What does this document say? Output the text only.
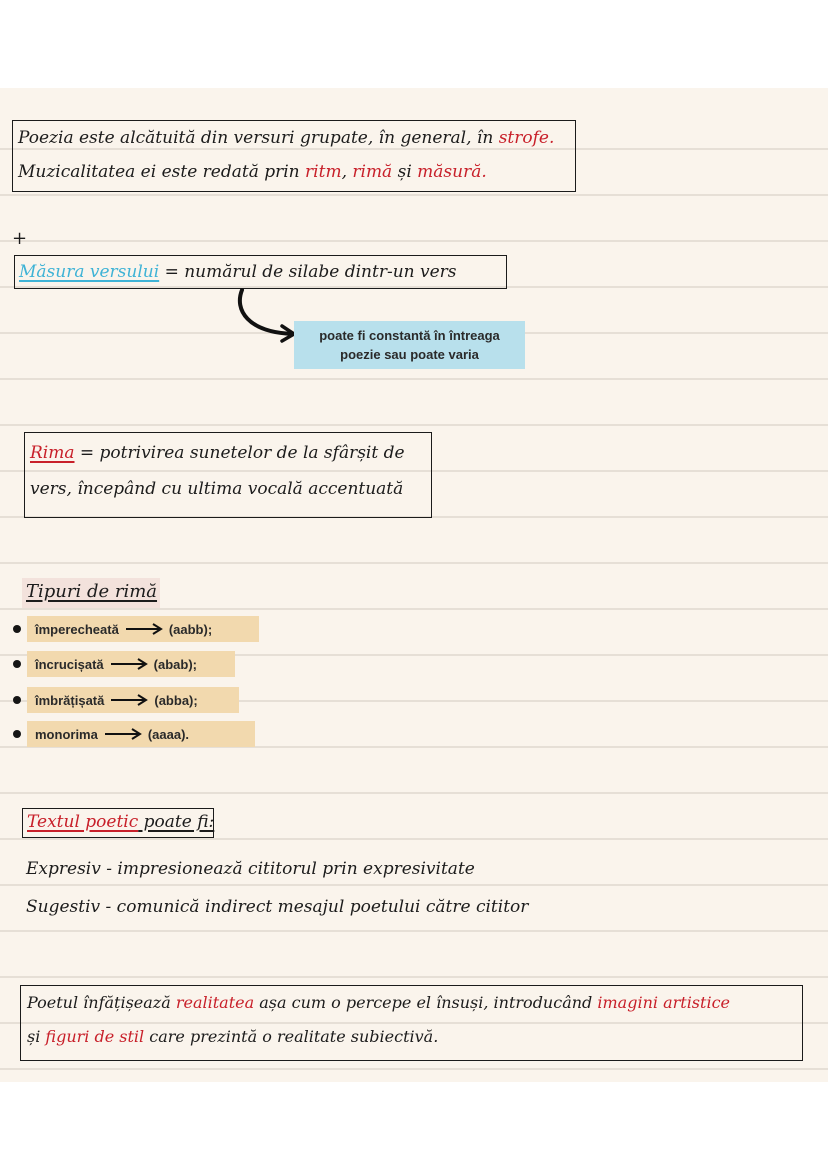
Poezia este alcătuită din versuri grupate, în general, în strofe.
Muzicalitatea ei este redată prin ritm, rimă și măsură.
+
Măsura versului = numărul de silabe dintr-un vers
poate fi constantă în întreaga
poezie sau poate varia
Rima = potrivirea sunetelor de la sfârșit de
vers, începând cu ultima vocală accentuată
Tipuri de rimă
împerecheată	(aabb);
încrucișată	(abab);
îmbrățișată	(abba);
monorima	(aaaa).
Textul poetic poate fi:
Expresiv - impresionează cititorul prin expresivitate
Sugestiv - comunică indirect mesajul poetului către cititor
Poetul înfățișează realitatea așa cum o percepe el însuși, introducând imagini artistice
și figuri de stil care prezintă o realitate subiectivă.
